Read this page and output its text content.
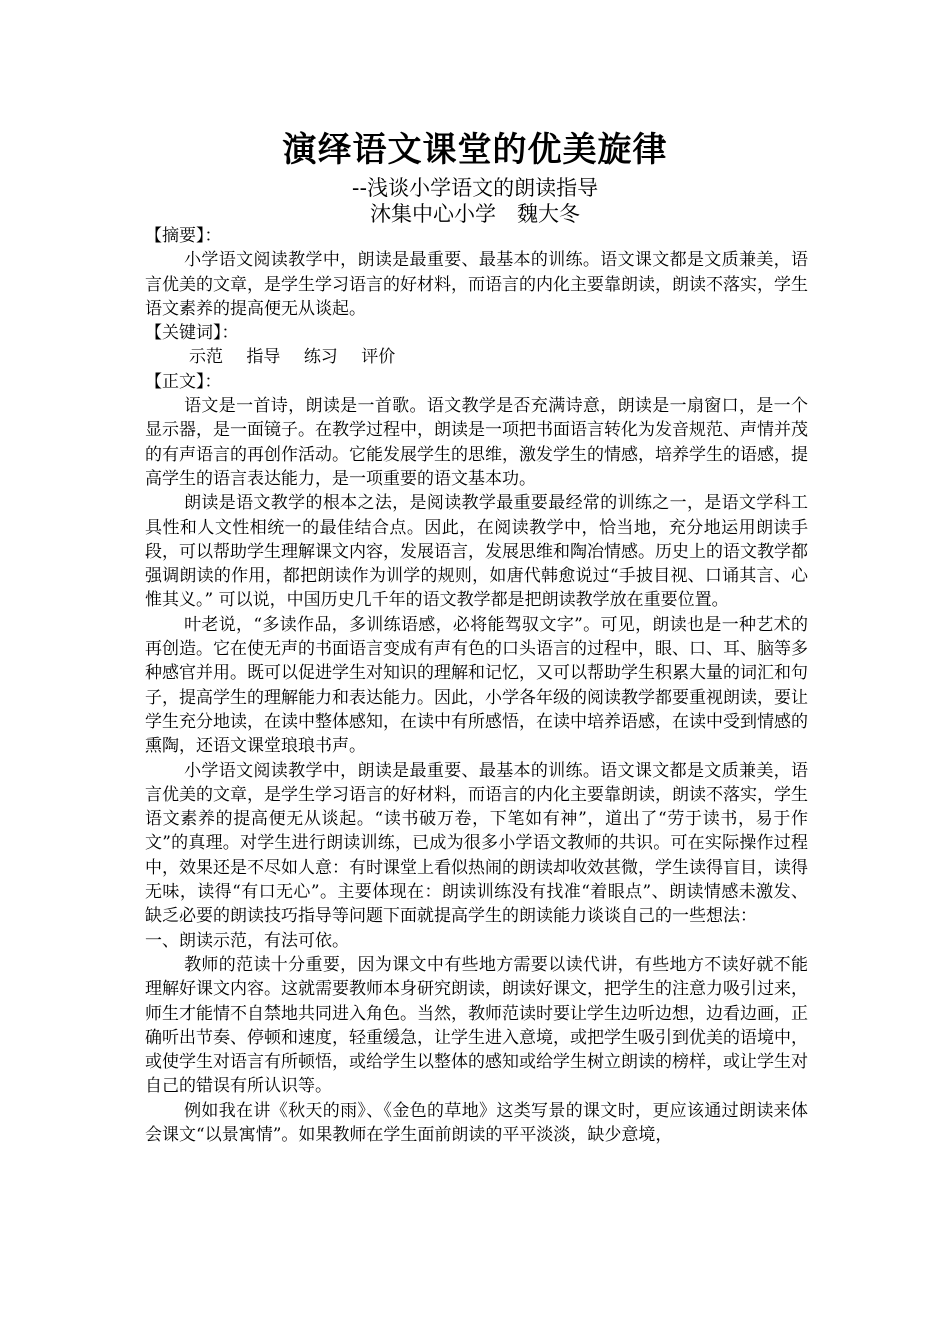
演绎语文课堂的优美旋律
--浅谈小学语文的朗读指导
沐集中心小学　魏大冬

【摘要】：

小学语文阅读教学中，朗读是最重要、最基本的训练。语文课文都是文质兼美，语言优美的文章，是学生学习语言的好材料，而语言的内化主要靠朗读，朗读不落实，学生语文素养的提高便无从谈起。

【关键词】：

示范 指导 练习 评价

【正文】：

语文是一首诗，朗读是一首歌。语文教学是否充满诗意，朗读是一扇窗口，是一个显示器，是一面镜子。在教学过程中，朗读是一项把书面语言转化为发音规范、声情并茂的有声语言的再创作活动。它能发展学生的思维，激发学生的情感，培养学生的语感，提高学生的语言表达能力，是一项重要的语文基本功。

朗读是语文教学的根本之法，是阅读教学最重要最经常的训练之一，是语文学科工具性和人文性相统一的最佳结合点。因此，在阅读教学中，恰当地，充分地运用朗读手段，可以帮助学生理解课文内容，发展语言，发展思维和陶冶情感。历史上的语文教学都强调朗读的作用，都把朗读作为训学的规则，如唐代韩愈说过“手披目视、口诵其言、心惟其义。” 可以说，中国历史几千年的语文教学都是把朗读教学放在重要位置。

叶老说，“多读作品，多训练语感，必将能驾驭文字”。可见，朗读也是一种艺术的再创造。它在使无声的书面语言变成有声有色的口头语言的过程中，眼、口、耳、脑等多种感官并用。既可以促进学生对知识的理解和记忆，又可以帮助学生积累大量的词汇和句子，提高学生的理解能力和表达能力。因此，小学各年级的阅读教学都要重视朗读，要让学生充分地读，在读中整体感知，在读中有所感悟，在读中培养语感，在读中受到情感的熏陶，还语文课堂琅琅书声。

小学语文阅读教学中，朗读是最重要、最基本的训练。语文课文都是文质兼美，语言优美的文章，是学生学习语言的好材料，而语言的内化主要靠朗读，朗读不落实，学生语文素养的提高便无从谈起。“读书破万卷，下笔如有神”，道出了“劳于读书，易于作文”的真理。对学生进行朗读训练，已成为很多小学语文教师的共识。可在实际操作过程中，效果还是不尽如人意：有时课堂上看似热闹的朗读却收效甚微，学生读得盲目，读得无味，读得“有口无心”。主要体现在：朗读训练没有找准“着眼点”、朗读情感未激发、缺乏必要的朗读技巧指导等问题下面就提高学生的朗读能力谈谈自己的一些想法：

一、朗读示范，有法可依。

教师的范读十分重要，因为课文中有些地方需要以读代讲，有些地方不读好就不能理解好课文内容。这就需要教师本身研究朗读，朗读好课文，把学生的注意力吸引过来，师生才能情不自禁地共同进入角色。当然，教师范读时要让学生边听边想，边看边画，正确听出节奏、停顿和速度，轻重缓急，让学生进入意境，或把学生吸引到优美的语境中，或使学生对语言有所顿悟，或给学生以整体的感知或给学生树立朗读的榜样，或让学生对自己的错误有所认识等。

例如我在讲《秋天的雨》、《金色的草地》这类写景的课文时，更应该通过朗读来体会课文“以景寓情”。如果教师在学生面前朗读的平平淡淡，缺少意境，
